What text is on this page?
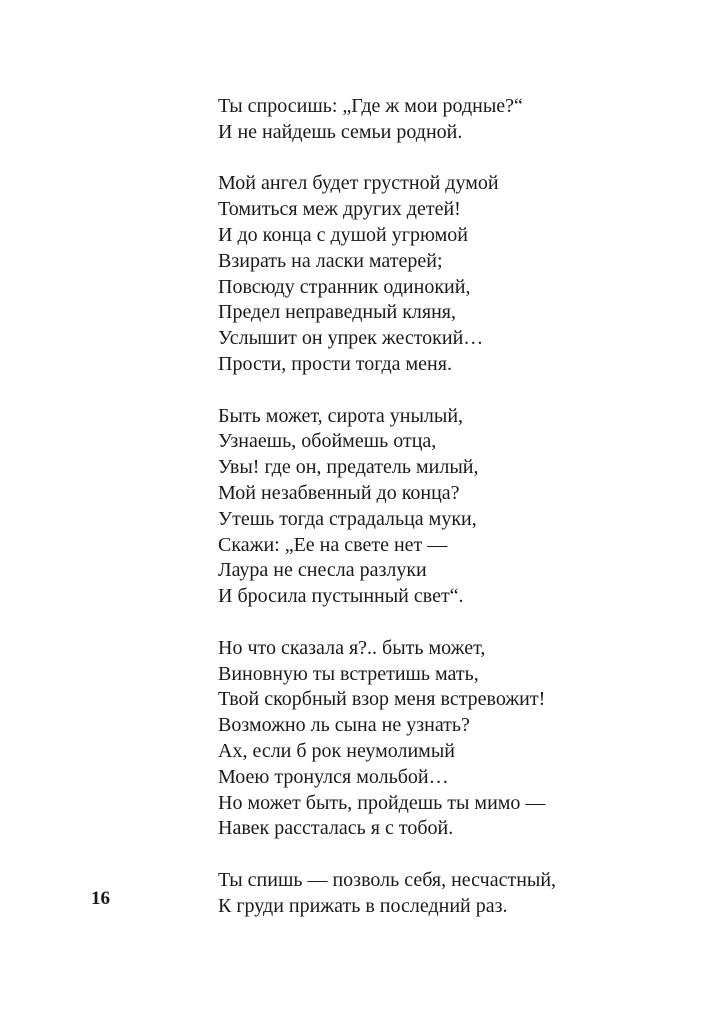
Ты спросишь: „Где ж мои родные?“
И не найдешь семьи родной.
Мой ангел будет грустной думой
Томиться меж других детей!
И до конца с душой угрюмой
Взирать на ласки матерей;
Повсюду странник одинокий,
Предел неправедный кляня,
Услышит он упрек жестокий…
Прости, прости тогда меня.
Быть может, сирота унылый,
Узнаешь, обоймешь отца,
Увы! где он, предатель милый,
Мой незабвенный до конца?
Утешь тогда страдальца муки,
Скажи: „Ее на свете нет —
Лаура не снесла разлуки
И бросила пустынный свет“.
Но что сказала я?.. быть может,
Виновную ты встретишь мать,
Твой скорбный взор меня встревожит!
Возможно ль сына не узнать?
Ах, если б рок неумолимый
Моею тронулся мольбой…
Но может быть, пройдешь ты мимо —
Навек рассталась я с тобой.
Ты спишь — позволь себя, несчастный,
К груди прижать в последний раз.
16
